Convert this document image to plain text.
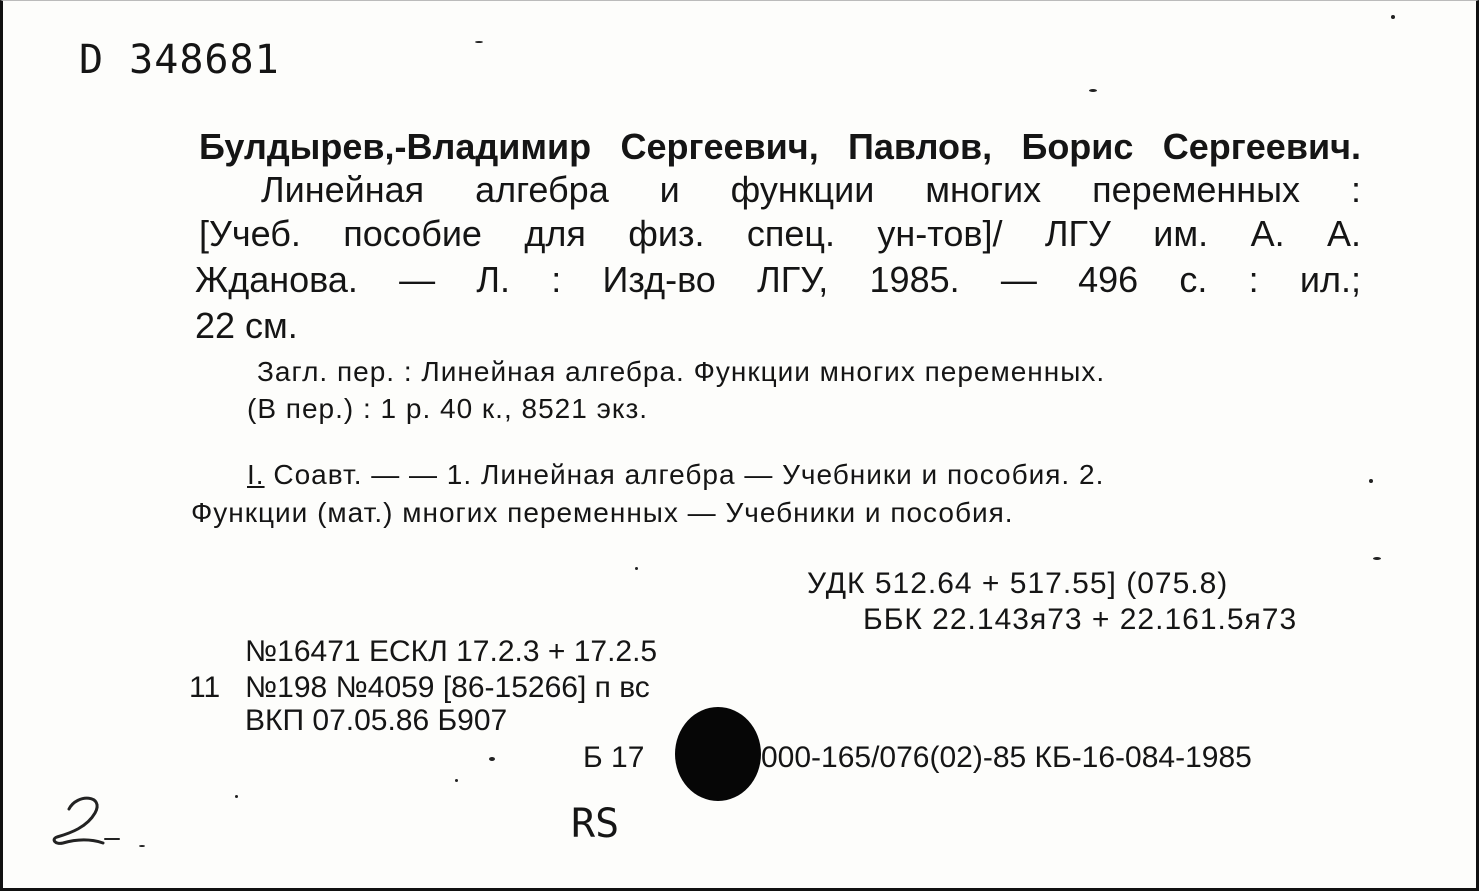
D 348681

Булдырев,-Владимир Сергеевич, Павлов, Борис Сергеевич.

Линейная алгебра и функции многих переменных :

[Учеб. пособие для физ. спец. ун-тов]/ ЛГУ им. А. А.

Жданова. — Л. : Изд-во ЛГУ, 1985. — 496 с. : ил.;

22 см.

Загл. пер. : Линейная алгебра. Функции многих переменных.

(В пер.) : 1 р. 40 к., 8521 экз.

I. Соавт. — — 1. Линейная алгебра — Учебники и пособия. 2.

Функции (мат.) многих переменных — Учебники и пособия.

УДК 512.64 + 517.55] (075.8)

ББК 22.143я73 + 22.161.5я73

№16471 ЕСКЛ 17.2.3 + 17.2.5

11 №198 №4059 [86-15266] п вс

ВКП 07.05.86 Б907

Б 17	000-165/076(02)-85 КБ-16-084-1985

RS
